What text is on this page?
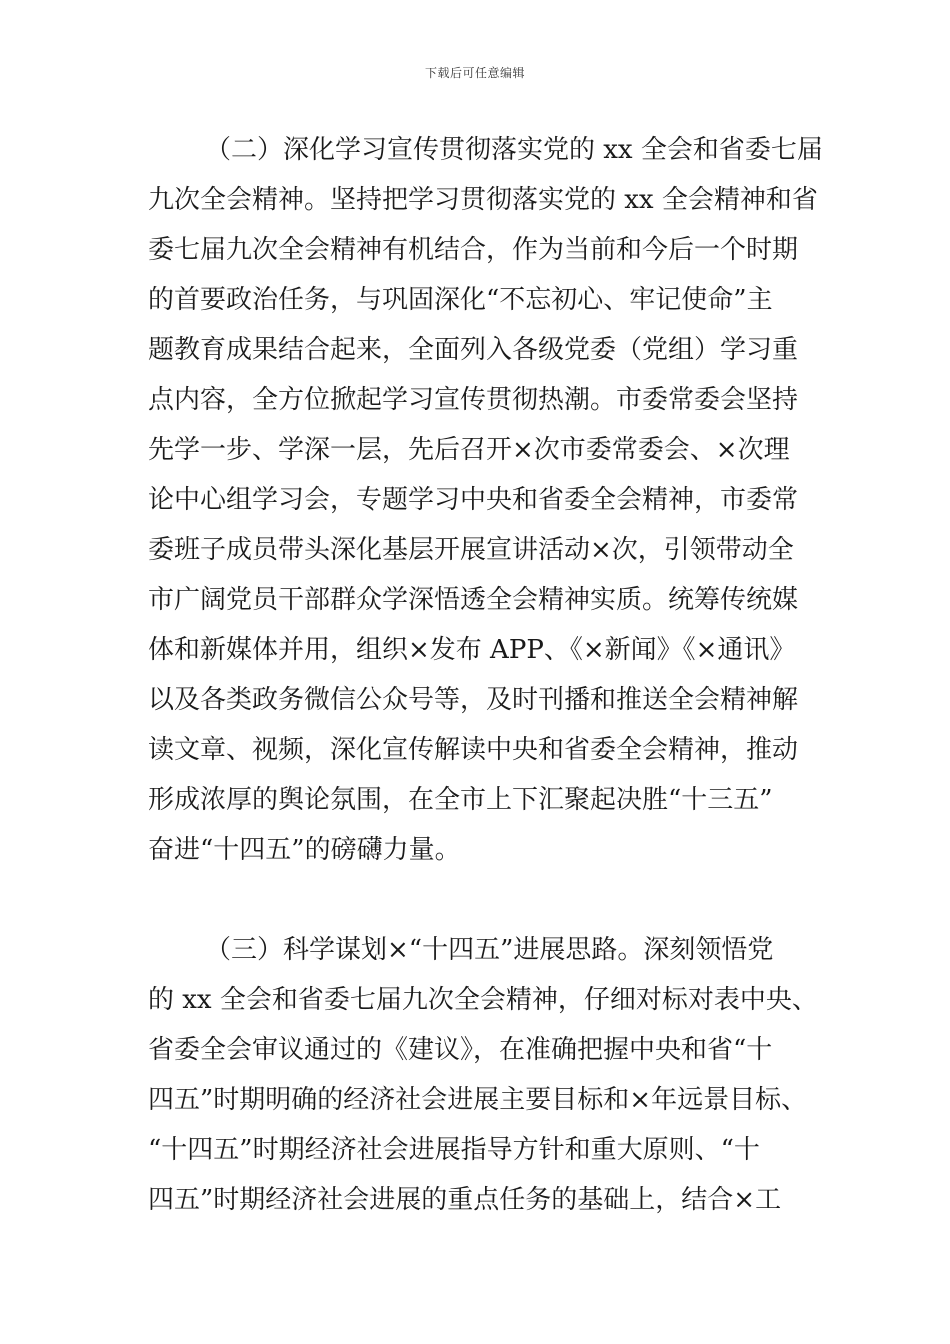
下载后可任意编辑
（二）深化学习宣传贯彻落实党的 xx 全会和省委七届
九次全会精神。坚持把学习贯彻落实党的 xx 全会精神和省
委七届九次全会精神有机结合，作为当前和今后一个时期
的首要政治任务，与巩固深化“不忘初心、牢记使命”主
题教育成果结合起来，全面列入各级党委（党组）学习重
点内容，全方位掀起学习宣传贯彻热潮。市委常委会坚持
先学一步、学深一层，先后召开×次市委常委会、×次理
论中心组学习会，专题学习中央和省委全会精神，市委常
委班子成员带头深化基层开展宣讲活动×次，引领带动全
市广阔党员干部群众学深悟透全会精神实质。统筹传统媒
体和新媒体并用，组织×发布 APP、《×新闻》《×通讯》
以及各类政务微信公众号等，及时刊播和推送全会精神解
读文章、视频，深化宣传解读中央和省委全会精神，推动
形成浓厚的舆论氛围，在全市上下汇聚起决胜“十三五”
奋进“十四五”的磅礴力量。
（三）科学谋划×“十四五”进展思路。深刻领悟党
的 xx 全会和省委七届九次全会精神，仔细对标对表中央、
省委全会审议通过的《建议》，在准确把握中央和省“十
四五”时期明确的经济社会进展主要目标和×年远景目标、
“十四五”时期经济社会进展指导方针和重大原则、“十
四五”时期经济社会进展的重点任务的基础上，结合×工
